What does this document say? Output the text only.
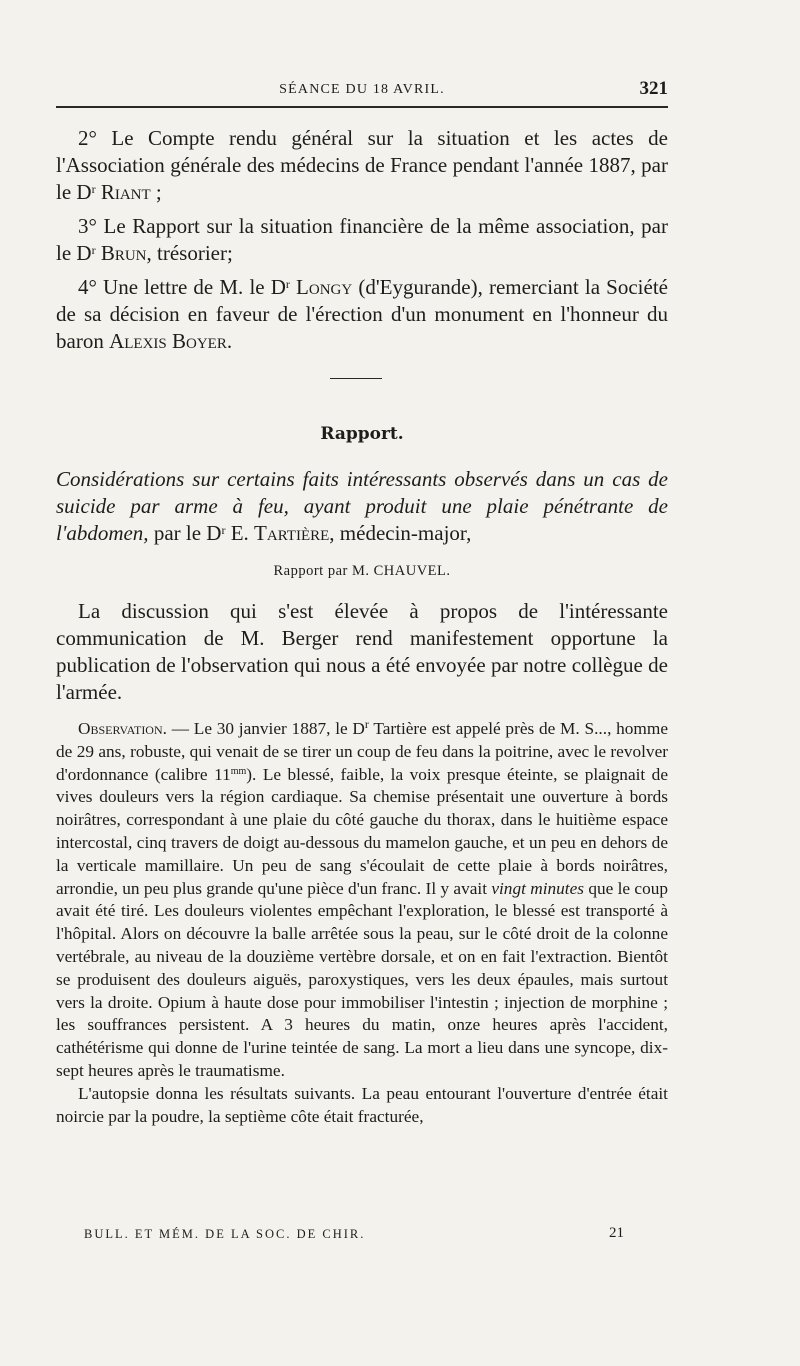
SÉANCE DU 18 AVRIL.	321

2° Le Compte rendu général sur la situation et les actes de l'Association générale des médecins de France pendant l'année 1887, par le $D^r$ Riant ;

3° Le Rapport sur la situation financière de la même association, par le $D^r$ Brun, trésorier;

4° Une lettre de M. le $D^r$ Longy (d'Eygurande), remerciant la Société de sa décision en faveur de l'érection d'un monument en l'honneur du baron Alexis Boyer.

Rapport.
Considérations sur certains faits intéressants observés dans un cas de suicide par arme à feu, ayant produit une plaie pénétrante de l'abdomen, par le $D^r$ E. Tartière, médecin-major,
Rapport par M. CHAUVEL.

La discussion qui s'est élevée à propos de l'intéressante communication de M. Berger rend manifestement opportune la publication de l'observation qui nous a été envoyée par notre collègue de l'armée.

Observation. — Le 30 janvier 1887, le $D^r$ Tartière est appelé près de M. S..., homme de 29 ans, robuste, qui venait de se tirer un coup de feu dans la poitrine, avec le revolver d'ordonnance (calibre $11^{mm}$). Le blessé, faible, la voix presque éteinte, se plaignait de vives douleurs vers la région cardiaque. Sa chemise présentait une ouverture à bords noirâtres, correspondant à une plaie du côté gauche du thorax, dans le huitième espace intercostal, cinq travers de doigt au-dessous du mamelon gauche, et un peu en dehors de la verticale mamillaire. Un peu de sang s'écoulait de cette plaie à bords noirâtres, arrondie, un peu plus grande qu'une pièce d'un franc. Il y avait vingt minutes que le coup avait été tiré. Les douleurs violentes empêchant l'exploration, le blessé est transporté à l'hôpital. Alors on découvre la balle arrêtée sous la peau, sur le côté droit de la colonne vertébrale, au niveau de la douzième vertèbre dorsale, et on en fait l'extraction. Bientôt se produisent des douleurs aiguës, paroxystiques, vers les deux épaules, mais surtout vers la droite. Opium à haute dose pour immobiliser l'intestin ; injection de morphine ; les souffrances persistent. A 3 heures du matin, onze heures après l'accident, cathétérisme qui donne de l'urine teintée de sang. La mort a lieu dans une syncope, dix-sept heures après le traumatisme.

L'autopsie donna les résultats suivants. La peau entourant l'ouverture d'entrée était noircie par la poudre, la septième côte était fracturée,

BULL. ET MÉM. DE LA SOC. DE CHIR.	21
